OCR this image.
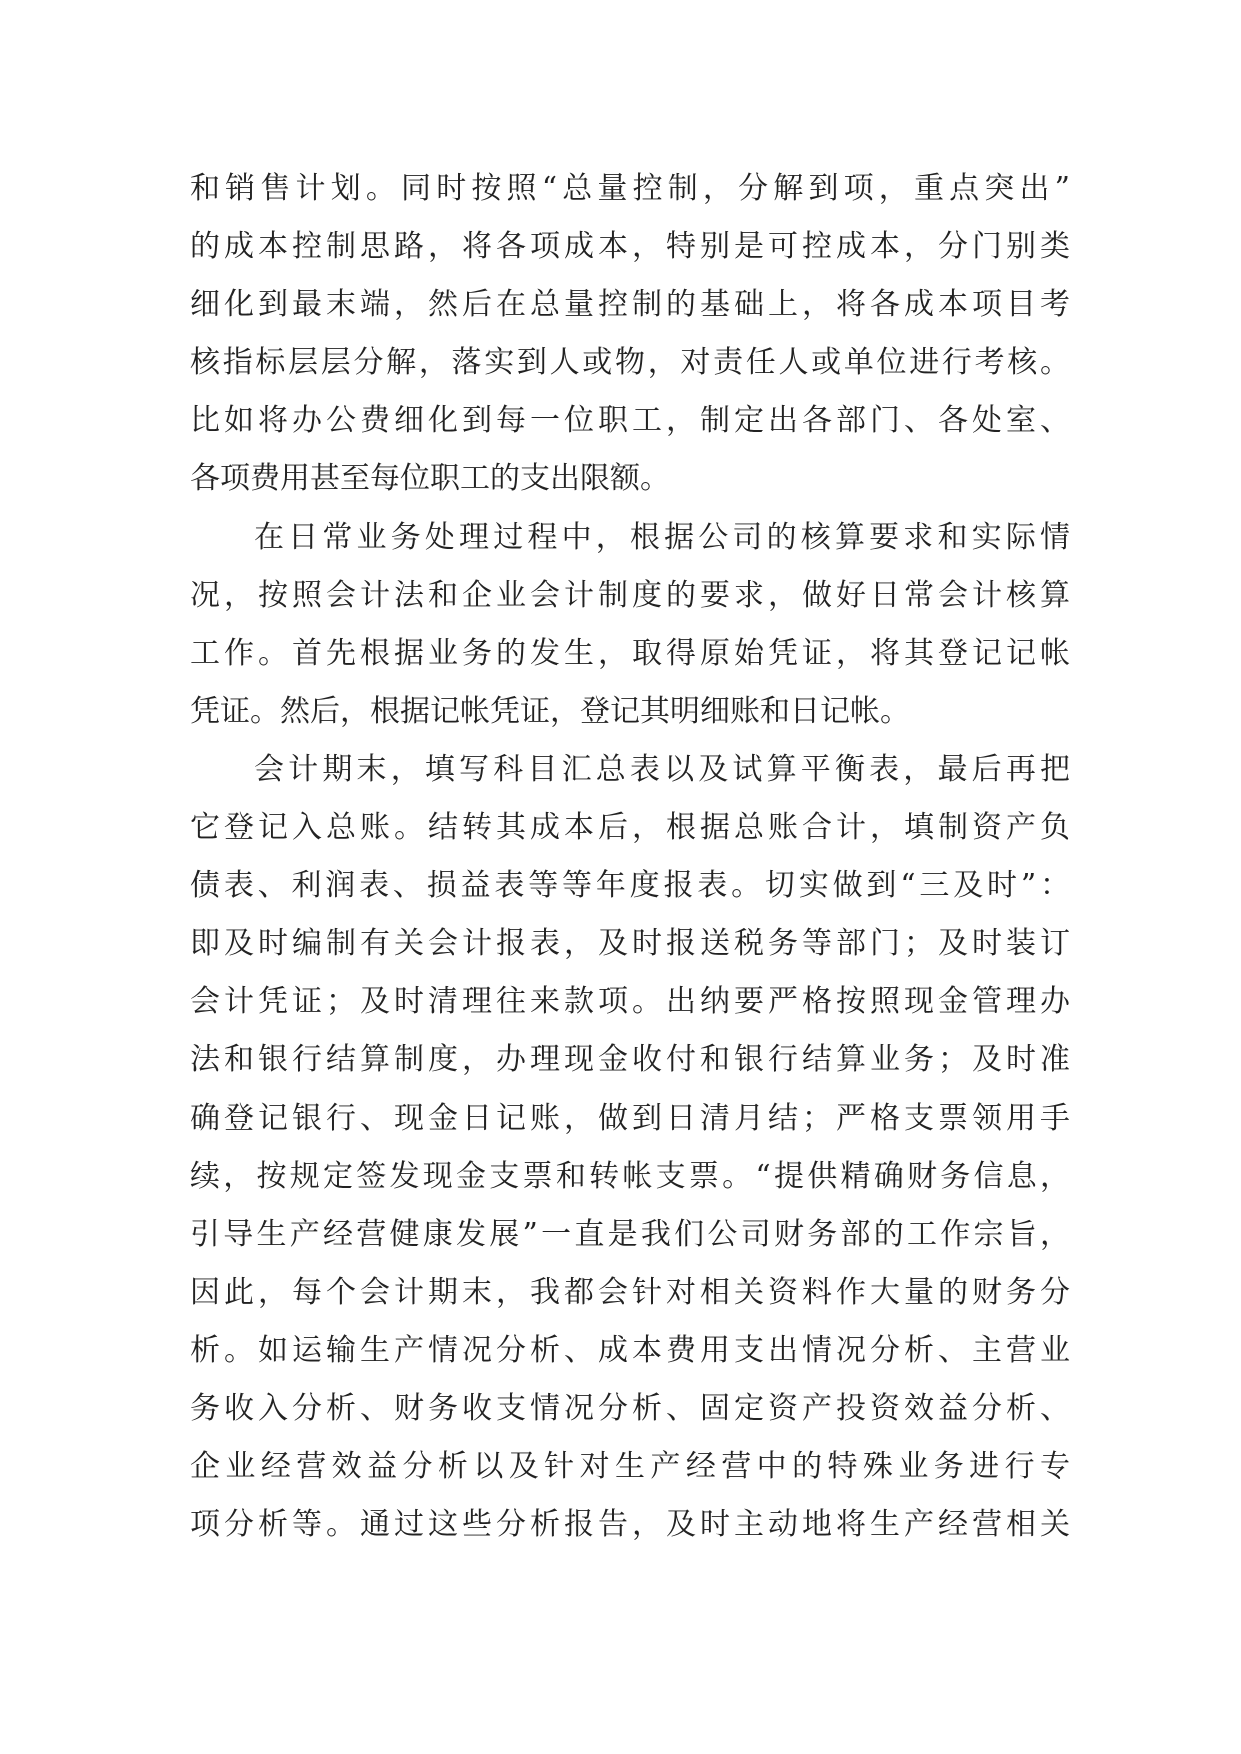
和销售计划。同时按照“总量控制，分解到项，重点突出”
的成本控制思路，将各项成本，特别是可控成本，分门别类
细化到最末端，然后在总量控制的基础上，将各成本项目考
核指标层层分解，落实到人或物，对责任人或单位进行考核。
比如将办公费细化到每一位职工，制定出各部门、各处室、
各项费用甚至每位职工的支出限额。
在日常业务处理过程中，根据公司的核算要求和实际情
况，按照会计法和企业会计制度的要求，做好日常会计核算
工作。首先根据业务的发生，取得原始凭证，将其登记记帐
凭证。然后，根据记帐凭证，登记其明细账和日记帐。
会计期末，填写科目汇总表以及试算平衡表，最后再把
它登记入总账。结转其成本后，根据总账合计，填制资产负
债表、利润表、损益表等等年度报表。切实做到“三及时”：
即及时编制有关会计报表，及时报送税务等部门；及时装订
会计凭证；及时清理往来款项。出纳要严格按照现金管理办
法和银行结算制度，办理现金收付和银行结算业务；及时准
确登记银行、现金日记账，做到日清月结；严格支票领用手
续，按规定签发现金支票和转帐支票。“提供精确财务信息，
引导生产经营健康发展”一直是我们公司财务部的工作宗旨，
因此，每个会计期末，我都会针对相关资料作大量的财务分
析。如运输生产情况分析、成本费用支出情况分析、主营业
务收入分析、财务收支情况分析、固定资产投资效益分析、
企业经营效益分析以及针对生产经营中的特殊业务进行专
项分析等。通过这些分析报告，及时主动地将生产经营相关
